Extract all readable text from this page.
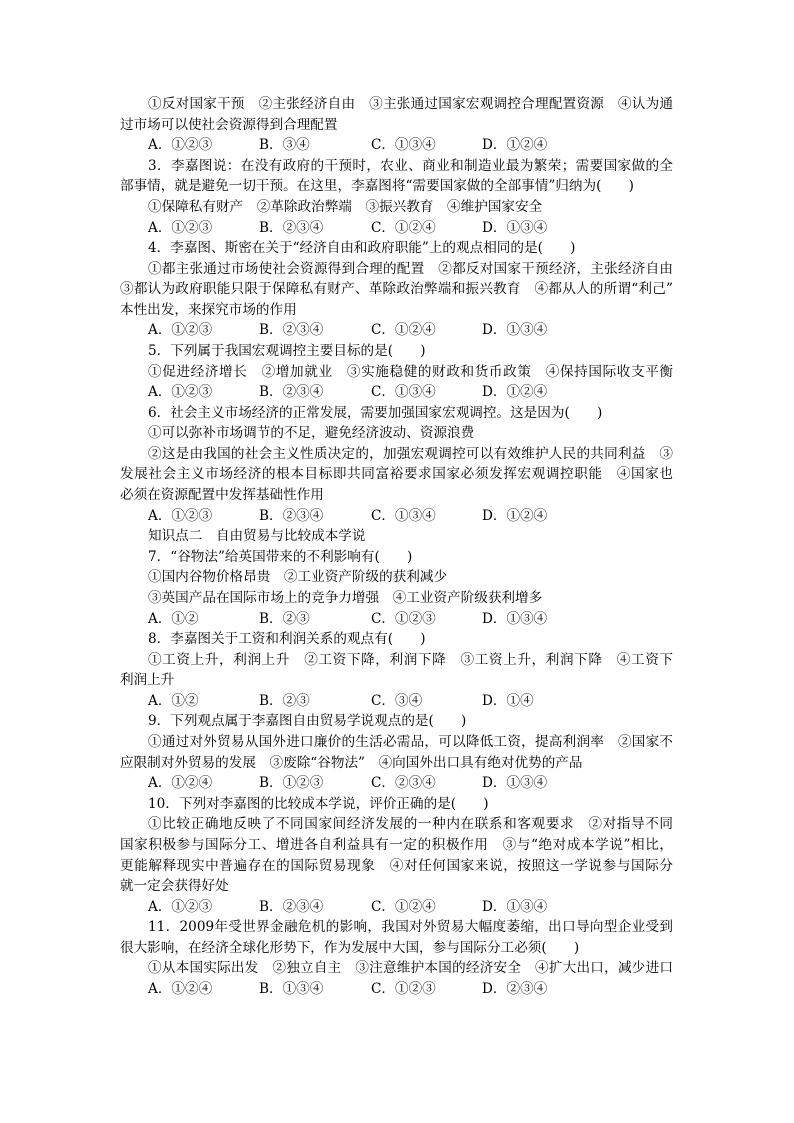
①反对国家干预　②主张经济自由　③主张通过国家宏观调控合理配置资源　④认为通
过市场可以使社会资源得到合理配置
A．①②③	B．③④	C．①③④	D．①②④
3．李嘉图说：在没有政府的干预时，农业、商业和制造业最为繁荣；需要国家做的全
部事情，就是避免一切干预。在这里，李嘉图将“需要国家做的全部事情”归纳为(　　)
①保障私有财产　②革除政治弊端　③振兴教育　④维护国家安全
A．①②③	B．②③④	C．①②④	D．①③④
4．李嘉图、斯密在关于“经济自由和政府职能”上的观点相同的是(　　)
①都主张通过市场使社会资源得到合理的配置　②都反对国家干预经济，主张经济自由
③都认为政府职能只限于保障私有财产、革除政治弊端和振兴教育　④都从人的所谓“利己”
本性出发，来探究市场的作用
A．①②③	B．②③④	C．①②④	D．①③④
5．下列属于我国宏观调控主要目标的是(　　)
①促进经济增长　②增加就业　③实施稳健的财政和货币政策　④保持国际收支平衡
A．①②③	B．②③④	C．①③④	D．①②④
6．社会主义市场经济的正常发展，需要加强国家宏观调控。这是因为(　　)
①可以弥补市场调节的不足，避免经济波动、资源浪费
②这是由我国的社会主义性质决定的，加强宏观调控可以有效维护人民的共同利益　③
发展社会主义市场经济的根本目标即共同富裕要求国家必须发挥宏观调控职能　④国家也
必须在资源配置中发挥基础性作用
A．①②③	B．②③④	C．①③④	D．①②④
知识点二　自由贸易与比较成本学说
7．“谷物法”给英国带来的不利影响有(　　)
①国内谷物价格昂贵　②工业资产阶级的获利减少
③英国产品在国际市场上的竞争力增强　④工业资产阶级获利增多
A．①②	B．②③	C．①②③	D．①③④
8．李嘉图关于工资和利润关系的观点有(　　)
①工资上升，利润上升　②工资下降，利润下降　③工资上升，利润下降　④工资下
利润上升
A．①②	B．②③	C．③④	D．①④
9．下列观点属于李嘉图自由贸易学说观点的是(　　)
①通过对外贸易从国外进口廉价的生活必需品，可以降低工资，提高利润率　②国家不
应限制对外贸易的发展　③废除“谷物法”　④向国外出口具有绝对优势的产品
A．①②④	B．①②③	C．②③④	D．①③④
10．下列对李嘉图的比较成本学说，评价正确的是(　　)
①比较正确地反映了不同国家间经济发展的一种内在联系和客观要求　②对指导不同
国家积极参与国际分工、增进各自利益具有一定的积极作用　③与“绝对成本学说”相比，
更能解释现实中普遍存在的国际贸易现象　④对任何国家来说，按照这一学说参与国际分
就一定会获得好处
A．①②③	B．②③④	C．①②④	D．①③④
11．2009年受世界金融危机的影响，我国对外贸易大幅度萎缩，出口导向型企业受到
很大影响，在经济全球化形势下，作为发展中大国，参与国际分工必须(　　)
①从本国实际出发　②独立自主　③注意维护本国的经济安全　④扩大出口，减少进口
A．①②④	B．①③④	C．①②③	D．②③④
